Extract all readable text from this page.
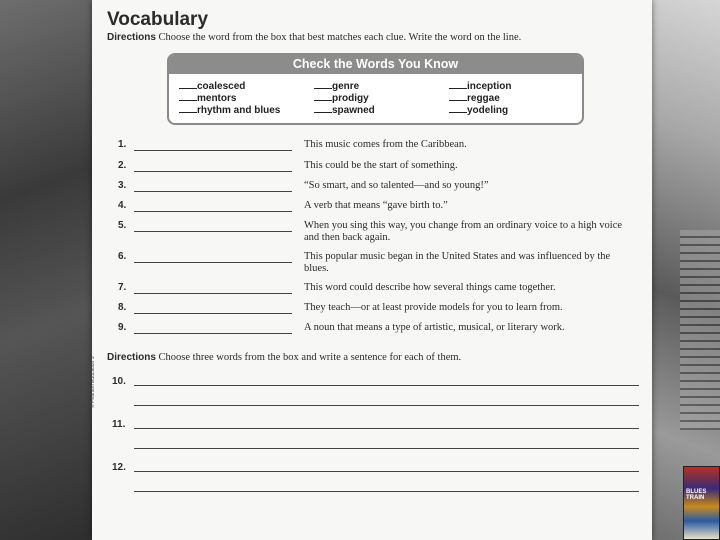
Vocabulary
Directions Choose the word from the box that best matches each clue. Write the word on the line.
Check the Words You Know
coalesced	genre	inception
mentors	prodigy	reggae
rhythm and blues	spawned	yodeling
1.	This music comes from the Caribbean.
2.	This could be the start of something.
3.	“So smart, and so talented—and so young!”
4.	A verb that means “gave birth to.”
5.	When you sing this way, you change from an ordinary voice to a high voice and then back again.
6.	This popular music began in the United States and was influenced by the blues.
7.	This word could describe how several things came together.
8.	They teach—or at least provide models for you to learn from.
9.	A noun that means a type of artistic, musical, or literary work.
Directions Choose three words from the box and write a sentence for each of them.
10.
11.
12.
© Pearson Education 5
BLUES TRAIN
